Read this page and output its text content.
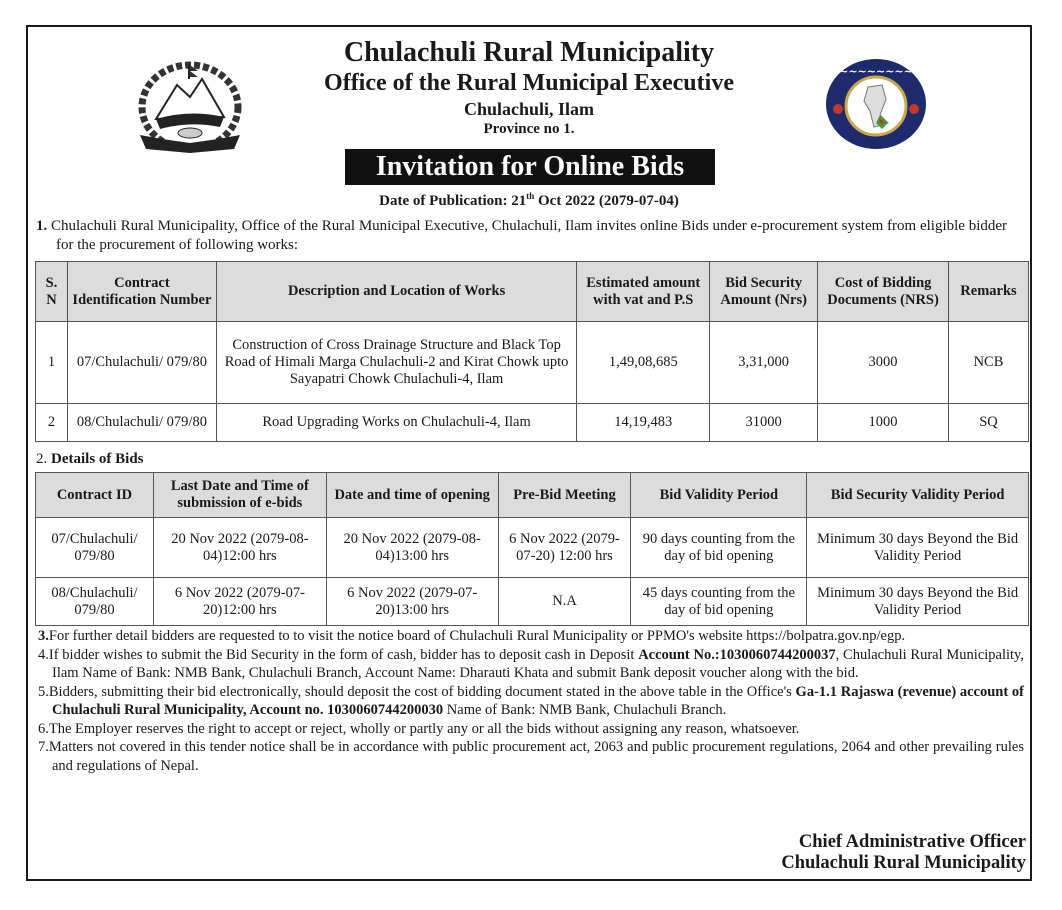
~~~~~~~~
Chulachuli Rural Municipality
Office of the Rural Municipal Executive
Chulachuli, Ilam
Province no 1.
Invitation for Online Bids
Date of Publication: 21th Oct 2022 (2079-07-04)
1. Chulachuli Rural Municipality, Office of the Rural Municipal Executive, Chulachuli, Ilam invites online Bids under e-procurement system from eligible bidder for the procurement of following works:
S. N	Contract Identification Number	Description and Location of Works	Estimated amount with vat and P.S	Bid Security Amount (Nrs)	Cost of Bidding Documents (NRS)	Remarks
1	07/Chulachuli/ 079/80	Construction of Cross Drainage Structure and Black Top Road of Himali Marga Chulachuli-2 and Kirat Chowk upto Sayapatri Chowk Chulachuli-4, Ilam	1,49,08,685	3,31,000	3000	NCB
2	08/Chulachuli/ 079/80	Road Upgrading Works on Chulachuli-4, Ilam	14,19,483	31000	1000	SQ
2. Details of Bids
Contract ID	Last Date and Time of submission of e-bids	Date and time of opening	Pre-Bid Meeting	Bid Validity Period	Bid Security Validity Period
07/Chulachuli/ 079/80	20 Nov 2022 (2079-08-04)12:00 hrs	20 Nov 2022 (2079-08-04)13:00 hrs	6 Nov 2022 (2079-07-20) 12:00 hrs	90 days counting from the day of bid opening	Minimum 30 days Beyond the Bid Validity Period
08/Chulachuli/ 079/80	6 Nov 2022 (2079-07-20)12:00 hrs	6 Nov 2022 (2079-07-20)13:00 hrs	N.A	45 days counting from the day of bid opening	Minimum 30 days Beyond the Bid Validity Period
3.For further detail bidders are requested to to visit the notice board of Chulachuli Rural Municipality or PPMO's website https://bolpatra.gov.np/egp.
4.If bidder wishes to submit the Bid Security in the form of cash, bidder has to deposit cash in Deposit Account No.:1030060744200037, Chulachuli Rural Municipality, Ilam Name of Bank: NMB Bank, Chulachuli Branch, Account Name: Dharauti Khata and submit Bank deposit voucher along with the bid.
5.Bidders, submitting their bid electronically, should deposit the cost of bidding document stated in the above table in the Office's Ga-1.1 Rajaswa (revenue) account of Chulachuli Rural Municipality, Account no. 1030060744200030 Name of Bank: NMB Bank, Chulachuli Branch.
6.The Employer reserves the right to accept or reject, wholly or partly any or all the bids without assigning any reason, whatsoever.
7.Matters not covered in this tender notice shall be in accordance with public procurement act, 2063 and public procurement regulations, 2064 and other prevailing rules and regulations of Nepal.
Chief Administrative Officer
Chulachuli Rural Municipality
